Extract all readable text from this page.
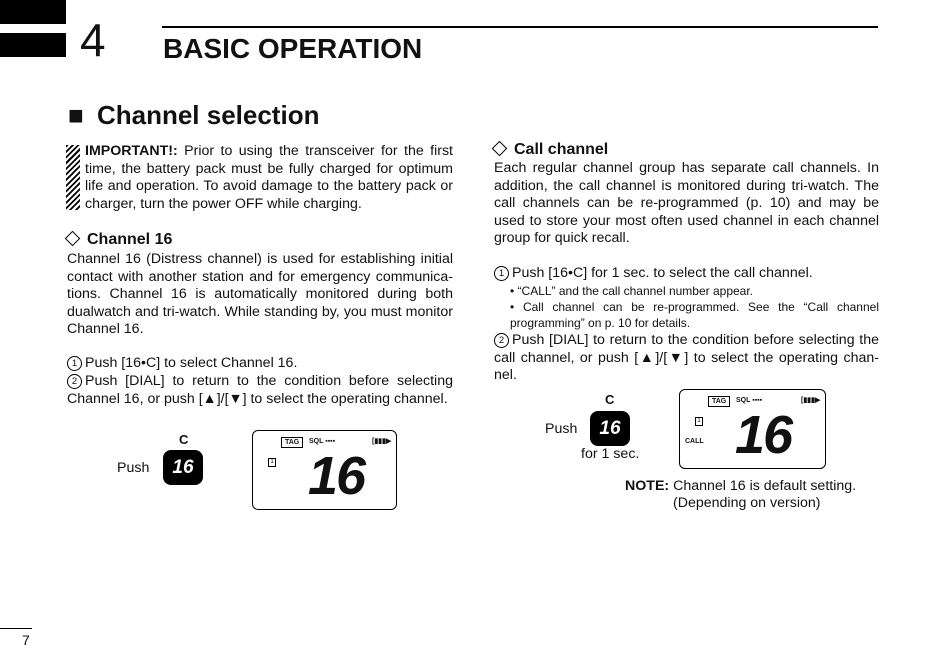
4 BASIC OPERATION
■ Channel selection
IMPORTANT!: Prior to using the transceiver for the first time, the battery pack must be fully charged for optimum life and operation. To avoid damage to the battery pack or charger, turn the power OFF while charging.
Channel 16
Channel 16 (Distress channel) is used for establishing initial contact with another station and for emergency communica-tions. Channel 16 is automatically monitored during both dualwatch and tri-watch. While standing by, you must monitor Channel 16.
1 Push [16•C] to select Channel 16.
2 Push [DIAL] to return to the condition before selecting Channel 16, or push [▲]/[▼] to select the operating channel.
C
Push	16
TAG	SQL ▪▪▪▪	[▮▮▮▶
1 16
Call channel
Each regular channel group has separate call channels. In addition, the call channel is monitored during tri-watch. The call channels can be re-programmed (p. 10) and may be used to store your most often used channel in each channel group for quick recall.
1 Push [16•C] for 1 sec. to select the call channel.
• “CALL” and the call channel number appear.
• Call channel can be re-programmed. See the “Call channel programming” on p. 10 for details.
2 Push [DIAL] to return to the condition before selecting the call channel, or push [▲]/[▼] to select the operating chan-nel.
C
Push	16
for 1 sec.
TAG	SQL ▪▪▪▪	[▮▮▮▶
1
CALL 16
NOTE: Channel 16 is default setting.
(Depending on version)
7
